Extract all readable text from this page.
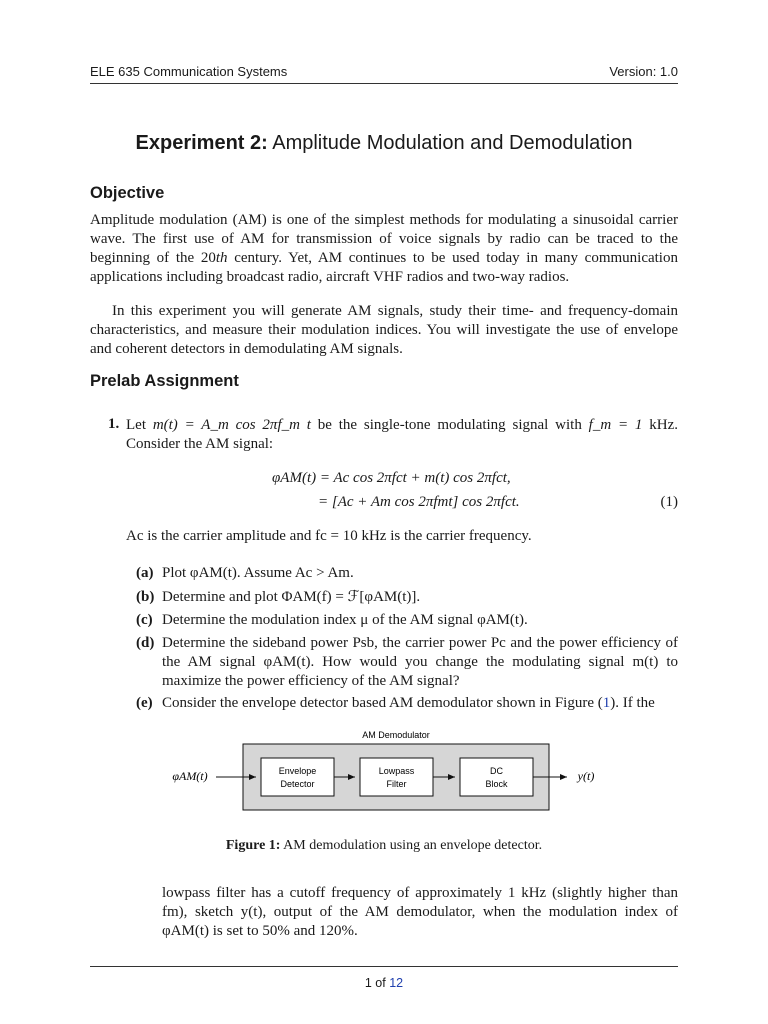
ELE 635 Communication Systems	Version: 1.0
Experiment 2: Amplitude Modulation and Demodulation
Objective
Amplitude modulation (AM) is one of the simplest methods for modulating a sinusoidal carrier wave. The first use of AM for transmission of voice signals by radio can be traced to the beginning of the 20th century. Yet, AM continues to be used today in many communication applications including broadcast radio, aircraft VHF radios and two-way radios.
In this experiment you will generate AM signals, study their time- and frequency-domain characteristics, and measure their modulation indices. You will investigate the use of envelope and coherent detectors in demodulating AM signals.
Prelab Assignment
1. Let m(t) = A_m cos 2πf_m t be the single-tone modulating signal with f_m = 1 kHz. Consider the AM signal:
φAM(t) = Ac cos 2πfct + m(t) cos 2πfct,
= [Ac + Am cos 2πfmt] cos 2πfct.	(1)
Ac is the carrier amplitude and fc = 10 kHz is the carrier frequency.
(a) Plot φAM(t). Assume Ac > Am.
(b) Determine and plot ΦAM(f) = ℱ[φAM(t)].
(c) Determine the modulation index μ of the AM signal φAM(t).
(d) Determine the sideband power Psb, the carrier power Pc and the power efficiency of the AM signal φAM(t). How would you change the modulating signal m(t) to maximize the power efficiency of the AM signal?
(e) Consider the envelope detector based AM demodulator shown in Figure (1). If the
AM Demodulator
φAM(t)	Envelope
Detector
Lowpass
Filter
DC
Block
y(t)
Figure 1: AM demodulation using an envelope detector.
lowpass filter has a cutoff frequency of approximately 1 kHz (slightly higher than fm), sketch y(t), output of the AM demodulator, when the modulation index of φAM(t) is set to 50% and 120%.
1 of 12
